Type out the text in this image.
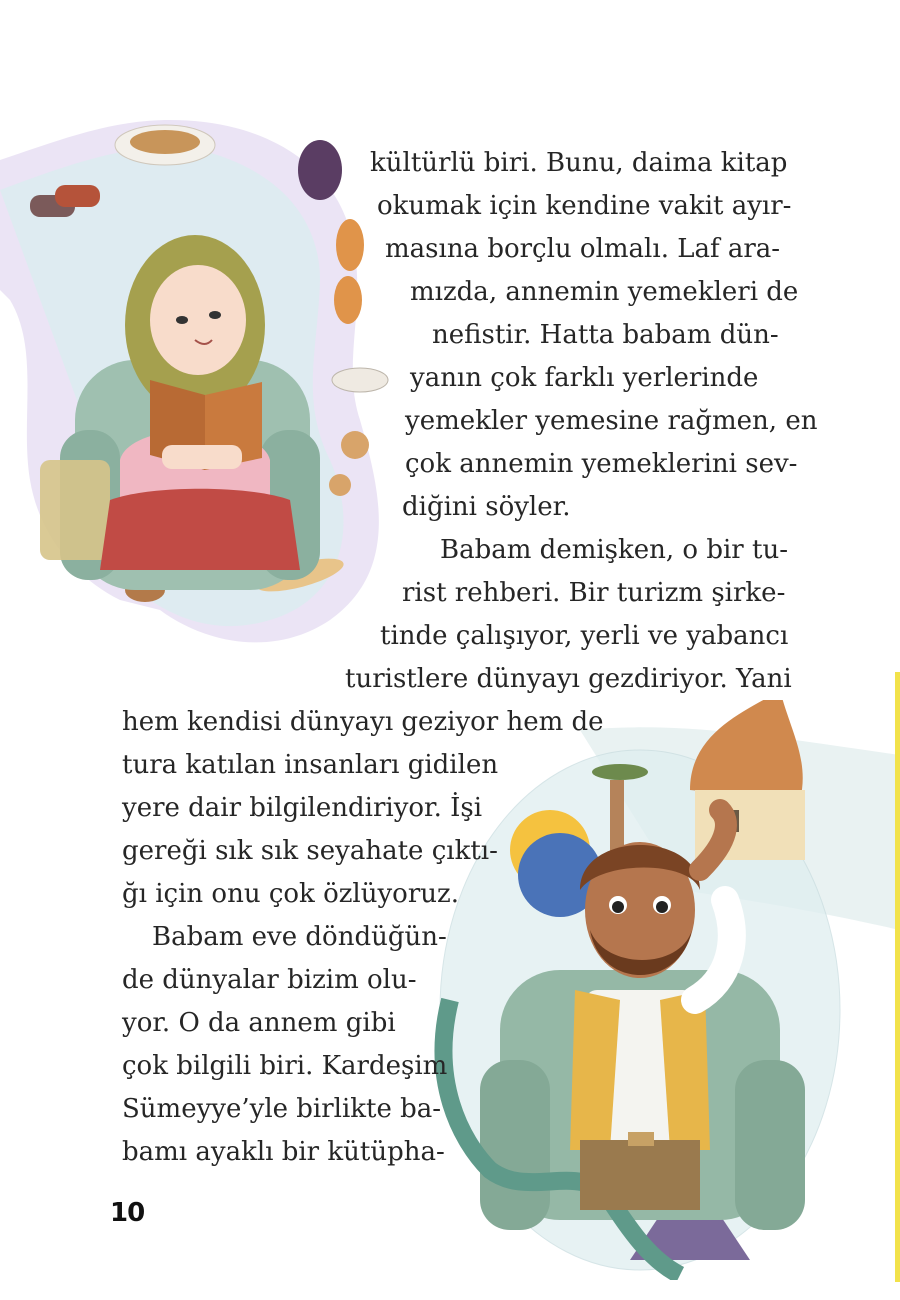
kültürlü biri. Bunu, daima kitap
okumak için kendine vakit ayır-
masına borçlu olmalı. Laf ara-
mızda, annemin yemekleri de
nefistir. Hatta babam dün-
yanın çok farklı yerlerinde
yemekler yemesine rağmen, en
çok annemin yemeklerini sev-
diğini söyler.
Babam demişken, o bir tu-
rist rehberi. Bir turizm şirke-
tinde çalışıyor, yerli ve yabancı
turistlere dünyayı gezdiriyor. Yani
hem kendisi dünyayı geziyor hem de
tura katılan insanları gidilen
yere dair bilgilendiriyor. İşi
gereği sık sık seyahate çıktı-
ğı için onu çok özlüyoruz.
Babam eve döndüğün-
de dünyalar bizim olu-
yor. O da annem gibi
çok bilgili biri. Kardeşim
Sümeyye’yle birlikte ba-
bamı ayaklı bir kütüpha-
10
